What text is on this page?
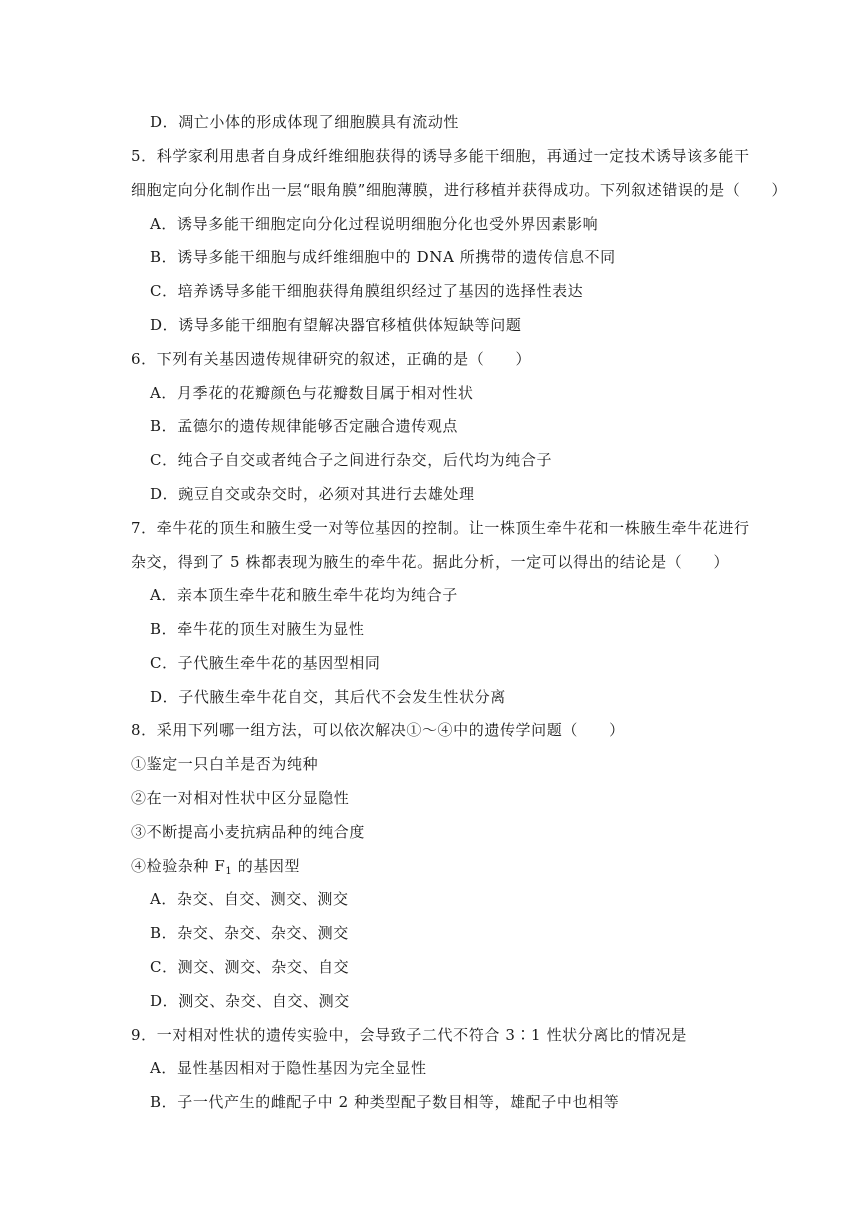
D．凋亡小体的形成体现了细胞膜具有流动性
5．科学家利用患者自身成纤维细胞获得的诱导多能干细胞，再通过一定技术诱导该多能干
细胞定向分化制作出一层“眼角膜”细胞薄膜，进行移植并获得成功。下列叙述错误的是（　　）
A．诱导多能干细胞定向分化过程说明细胞分化也受外界因素影响
B．诱导多能干细胞与成纤维细胞中的 DNA 所携带的遗传信息不同
C．培养诱导多能干细胞获得角膜组织经过了基因的选择性表达
D．诱导多能干细胞有望解决器官移植供体短缺等问题
6．下列有关基因遗传规律研究的叙述，正确的是（　　）
A．月季花的花瓣颜色与花瓣数目属于相对性状
B．孟德尔的遗传规律能够否定融合遗传观点
C．纯合子自交或者纯合子之间进行杂交，后代均为纯合子
D．豌豆自交或杂交时，必须对其进行去雄处理
7．牵牛花的顶生和腋生受一对等位基因的控制。让一株顶生牵牛花和一株腋生牵牛花进行
杂交，得到了 5 株都表现为腋生的牵牛花。据此分析，一定可以得出的结论是（　　）
A．亲本顶生牵牛花和腋生牵牛花均为纯合子
B．牵牛花的顶生对腋生为显性
C．子代腋生牵牛花的基因型相同
D．子代腋生牵牛花自交，其后代不会发生性状分离
8．采用下列哪一组方法，可以依次解决①～④中的遗传学问题（　　）
①鉴定一只白羊是否为纯种
②在一对相对性状中区分显隐性
③不断提高小麦抗病品种的纯合度
④检验杂种 $F_1$ 的基因型
A．杂交、自交、测交、测交
B．杂交、杂交、杂交、测交
C．测交、测交、杂交、自交
D．测交、杂交、自交、测交
9．一对相对性状的遗传实验中，会导致子二代不符合 3∶1 性状分离比的情况是
A．显性基因相对于隐性基因为完全显性
B．子一代产生的雌配子中 2 种类型配子数目相等，雄配子中也相等
